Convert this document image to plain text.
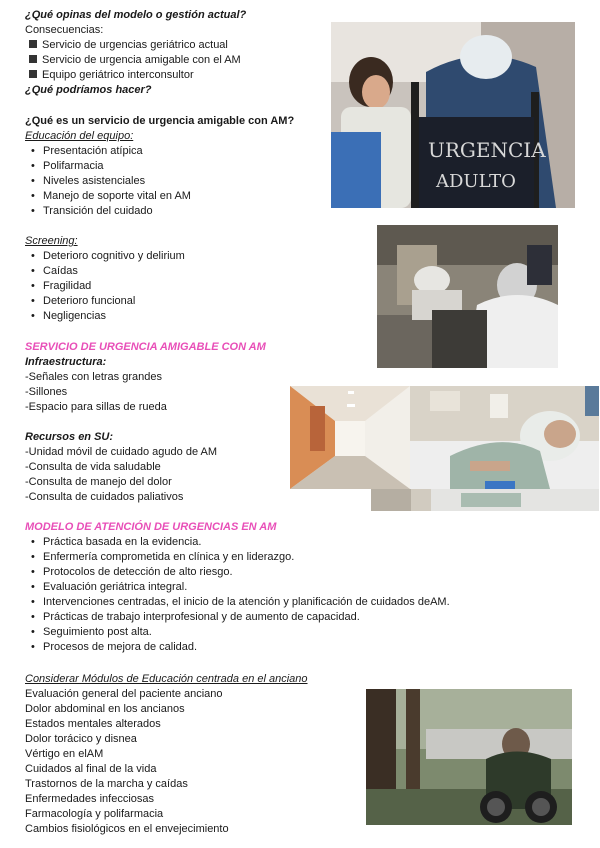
¿Qué opinas del modelo o gestión actual?
Consecuencias:
Servicio de urgencias geriátrico actual
Servicio de urgencia amigable con el AM
Equipo geriátrico interconsultor
¿Qué podríamos hacer?
¿Qué es un servicio de urgencia amigable con AM?
Educación del equipo:
• Presentación atípica
• Polifarmacia
• Niveles asistenciales
• Manejo de soporte vital en AM
• Transición del cuidado
Screening:
• Deterioro cognitivo y delirium
• Caídas
• Fragilidad
• Deterioro funcional
• Negligencias
SERVICIO DE URGENCIA AMIGABLE CON AM
Infraestructura:
-Señales con letras grandes
-Sillones
-Espacio para sillas de rueda
Recursos en SU:
-Unidad móvil de cuidado agudo de AM
-Consulta de vida saludable
-Consulta de manejo del dolor
-Consulta de cuidados paliativos
MODELO DE ATENCIÓN DE URGENCIAS EN AM
• Práctica basada en la evidencia.
• Enfermería comprometida en clínica y en liderazgo.
• Protocolos de detección de alto riesgo.
• Evaluación geriátrica integral.
• Intervenciones centradas, el inicio de la atención y planificación de cuidados deAM.
• Prácticas de trabajo interprofesional y de aumento de capacidad.
• Seguimiento post alta.
• Procesos de mejora de calidad.
Considerar Módulos de Educación centrada en el anciano
Evaluación general del paciente anciano
Dolor abdominal en los ancianos
Estados mentales alterados
Dolor torácico y disnea
Vértigo en elAM
Cuidados al final de la vida
Trastornos de la marcha y caídas
Enfermedades infecciosas
Farmacología y polifarmacia
Cambios fisiológicos en el envejecimiento
URGENCIA
ADULTO
